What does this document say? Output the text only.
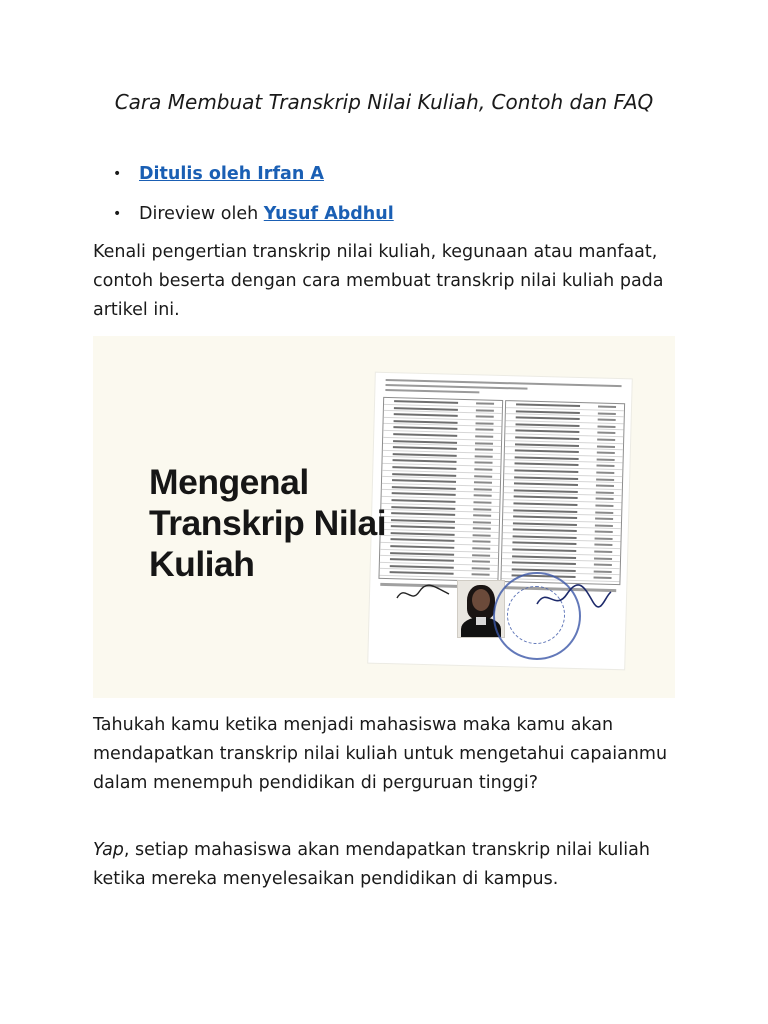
Cara Membuat Transkrip Nilai Kuliah, Contoh dan FAQ
• Ditulis oleh Irfan A
• Direview oleh Yusuf Abdhul

Kenali pengertian transkrip nilai kuliah, kegunaan atau manfaat, contoh beserta dengan cara membuat transkrip nilai kuliah pada artikel ini.

Mengenal Transkrip Nilai Kuliah

Tahukah kamu ketika menjadi mahasiswa maka kamu akan mendapatkan transkrip nilai kuliah untuk mengetahui capaianmu dalam menempuh pendidikan di perguruan tinggi?

Yap, setiap mahasiswa akan mendapatkan transkrip nilai kuliah ketika mereka menyelesaikan pendidikan di kampus.
